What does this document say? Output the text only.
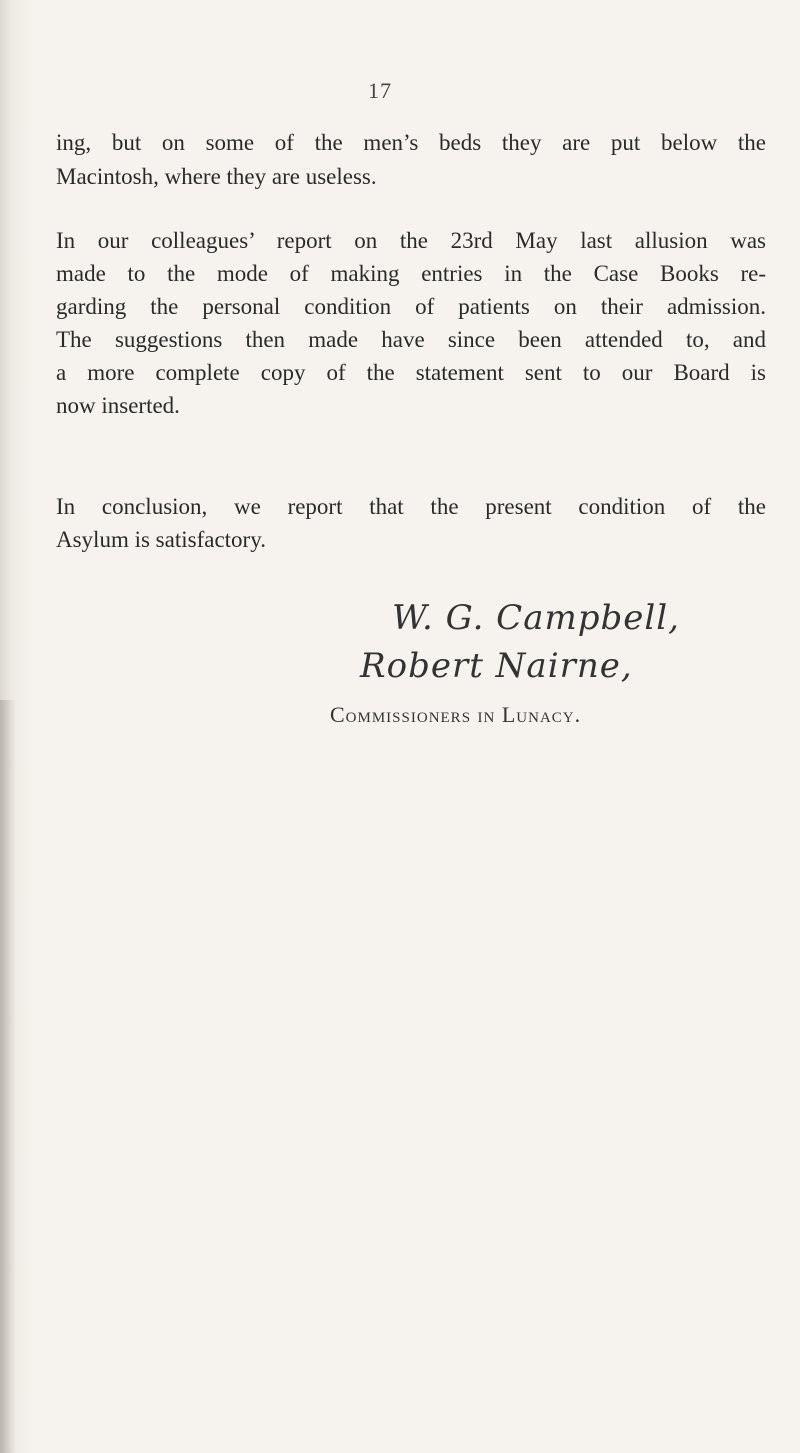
17
ing, but on some of the men’s beds they are put below the
Macintosh, where they are useless.
In our colleagues’ report on the 23rd May last allusion was
made to the mode of making entries in the Case Books re-
garding the personal condition of patients on their admission.
The suggestions then made have since been attended to, and
a more complete copy of the statement sent to our Board is
now inserted.
In conclusion, we report that the present condition of the
Asylum is satisfactory.
W. G. Campbell,
Robert Nairne,
Commissioners in Lunacy.
